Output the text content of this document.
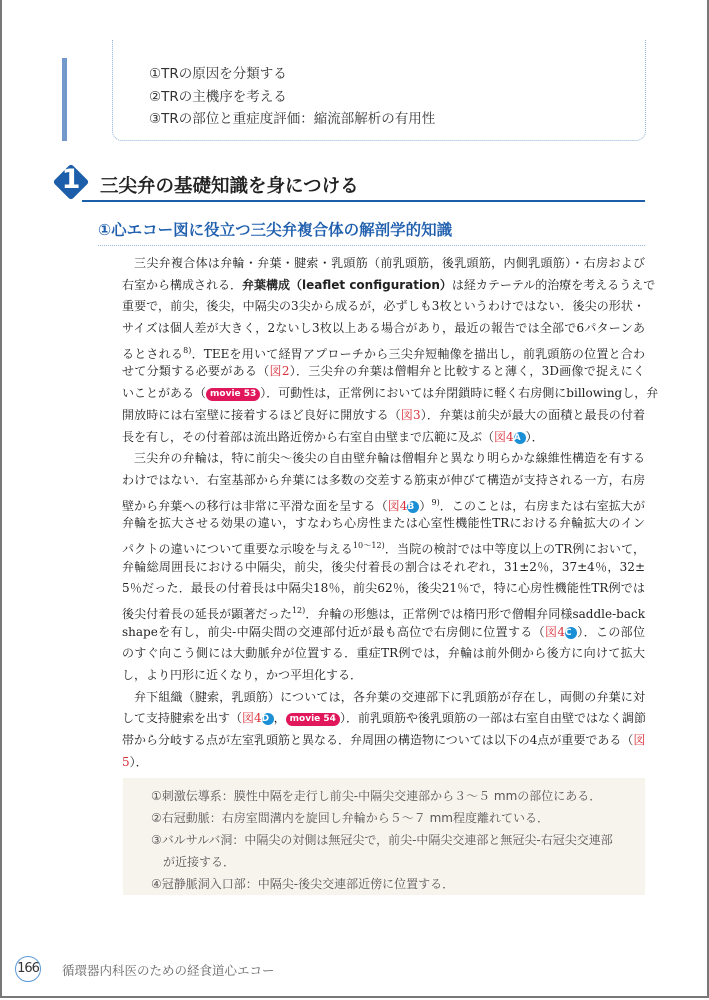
①TRの原因を分類する
②TRの主機序を考える
③TRの部位と重症度評価：縮流部解析の有用性
1 三尖弁の基礎知識を身につける
①心エコー図に役立つ三尖弁複合体の解剖学的知識
三尖弁複合体は弁輪・弁葉・腱索・乳頭筋（前乳頭筋，後乳頭筋，内側乳頭筋）・右房および
右室から構成される．弁葉構成（leaflet configuration）は経カテーテル的治療を考えるうえで
重要で，前尖，後尖，中隔尖の3尖から成るが，必ずしも3枚というわけではない．後尖の形状・
サイズは個人差が大きく，2ないし3枚以上ある場合があり，最近の報告では全部で6パターンあ
るとされる$^{8)}$．TEEを用いて経胃アプローチから三尖弁短軸像を描出し，前乳頭筋の位置と合わ
せて分類する必要がある（図2）．三尖弁の弁葉は僧帽弁と比較すると薄く，3D画像で捉えにく
いことがある（ movie 53 ）．可動性は，正常例においては弁閉鎖時に軽く右房側にbillowingし，弁
開放時には右室壁に接着するほど良好に開放する（図3）．弁葉は前尖が最大の面積と最長の付着
長を有し，その付着部は流出路近傍から右室自由壁まで広範に及ぶ（図4A ）．
三尖弁の弁輪は，特に前尖～後尖の自由壁弁輪は僧帽弁と異なり明らかな線維性構造を有する
わけではない．右室基部から弁葉には多数の交差する筋束が伸びて構造が支持される一方，右房
壁から弁葉への移行は非常に平滑な面を呈する（図4B ）$^{9)}$．このことは，右房または右室拡大が
弁輪を拡大させる効果の違い，すなわち心房性または心室性機能性TRにおける弁輪拡大のイン
パクトの違いについて重要な示唆を与える$^{10\sim 12)}$．当院の検討では中等度以上のTR例において，
弁輪総周囲長における中隔尖，前尖，後尖付着長の割合はそれぞれ，31±2％，37±4％，32±
5％だった．最長の付着長は中隔尖18％，前尖62％，後尖21％で，特に心房性機能性TR例では
後尖付着長の延長が顕著だった$^{12)}$．弁輪の形態は，正常例では楕円形で僧帽弁同様saddle-back
shapeを有し，前尖-中隔尖間の交連部付近が最も高位で右房側に位置する（図4C ）．この部位
のすぐ向こう側には大動脈弁が位置する．重症TR例では，弁輪は前外側から後方に向けて拡大
し，より円形に近くなり，かつ平坦化する．
弁下組織（腱索，乳頭筋）については，各弁葉の交連部下に乳頭筋が存在し，両側の弁葉に対
して支持腱索を出す（図4D ， movie 54 ）．前乳頭筋や後乳頭筋の一部は右室自由壁ではなく調節
帯から分岐する点が左室乳頭筋と異なる．弁周囲の構造物については以下の4点が重要である（図
5）．
①刺激伝導系：膜性中隔を走行し前尖-中隔尖交連部から３～５ mmの部位にある．
②右冠動脈：右房室間溝内を旋回し弁輪から５～７ mm程度離れている．
③バルサルバ洞：中隔尖の対側は無冠尖で，前尖-中隔尖交連部と無冠尖-右冠尖交連部
　が近接する．
④冠静脈洞入口部：中隔尖-後尖交連部近傍に位置する．
166 循環器内科医のための経食道心エコー
